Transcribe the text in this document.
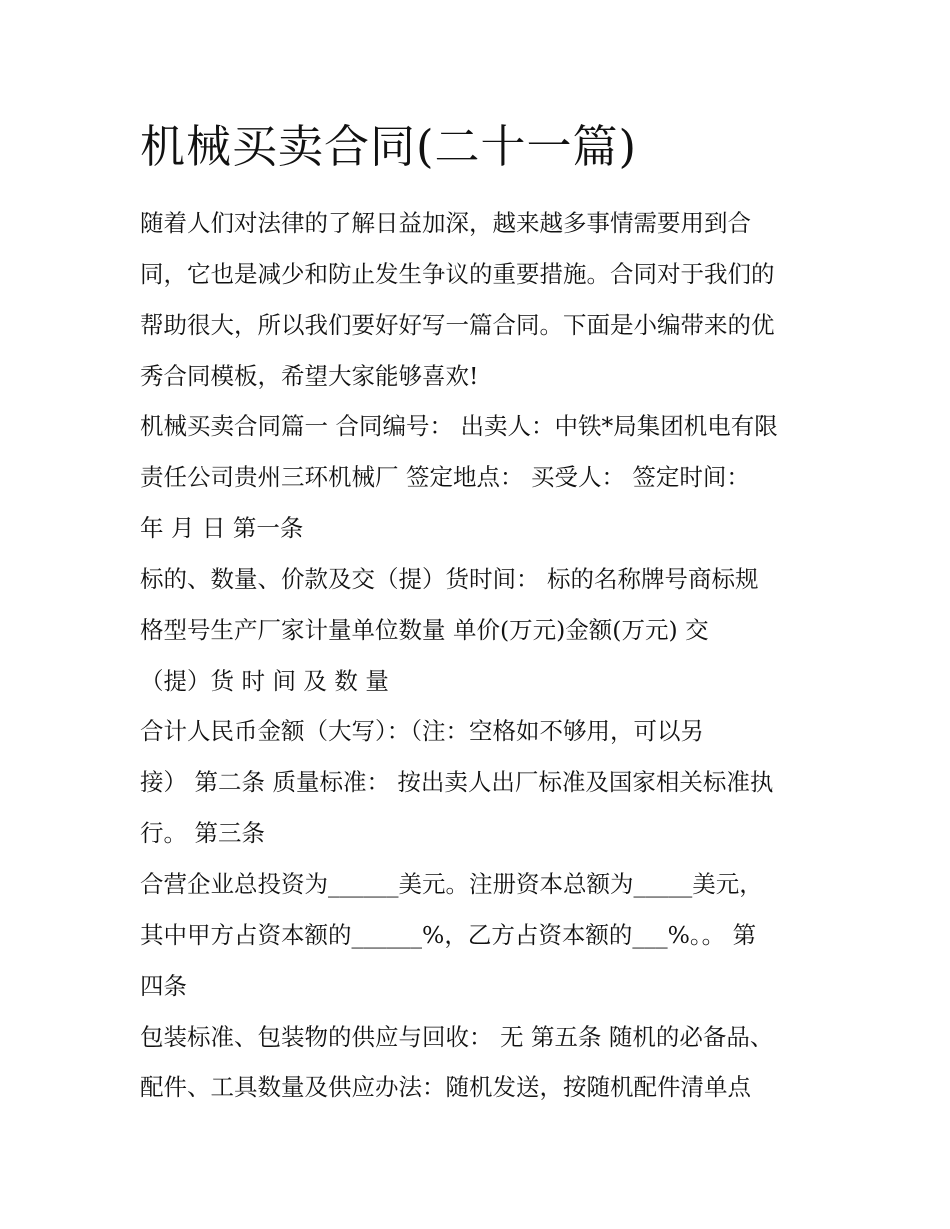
机械买卖合同(二十一篇)
随着人们对法律的了解日益加深，越来越多事情需要用到合
同，它也是减少和防止发生争议的重要措施。合同对于我们的
帮助很大，所以我们要好好写一篇合同。下面是小编带来的优
秀合同模板，希望大家能够喜欢!
机械买卖合同篇一 合同编号： 出卖人：中铁*局集团机电有限
责任公司贵州三环机械厂 签定地点： 买受人： 签定时间：
年 月 日 第一条
标的、数量、价款及交（提）货时间： 标的名称牌号商标规
格型号生产厂家计量单位数量 单价(万元)金额(万元) 交
（提）货 时 间 及 数 量
合计人民币金额（大写）：（注：空格如不够用，可以另
接） 第二条 质量标准： 按出卖人出厂标准及国家相关标准执
行。 第三条
合营企业总投资为______美元。注册资本总额为_____美元，
其中甲方占资本额的______%，乙方占资本额的___%。。 第
四条
包装标准、包装物的供应与回收： 无 第五条 随机的必备品、
配件、工具数量及供应办法：随机发送，按随机配件清单点
